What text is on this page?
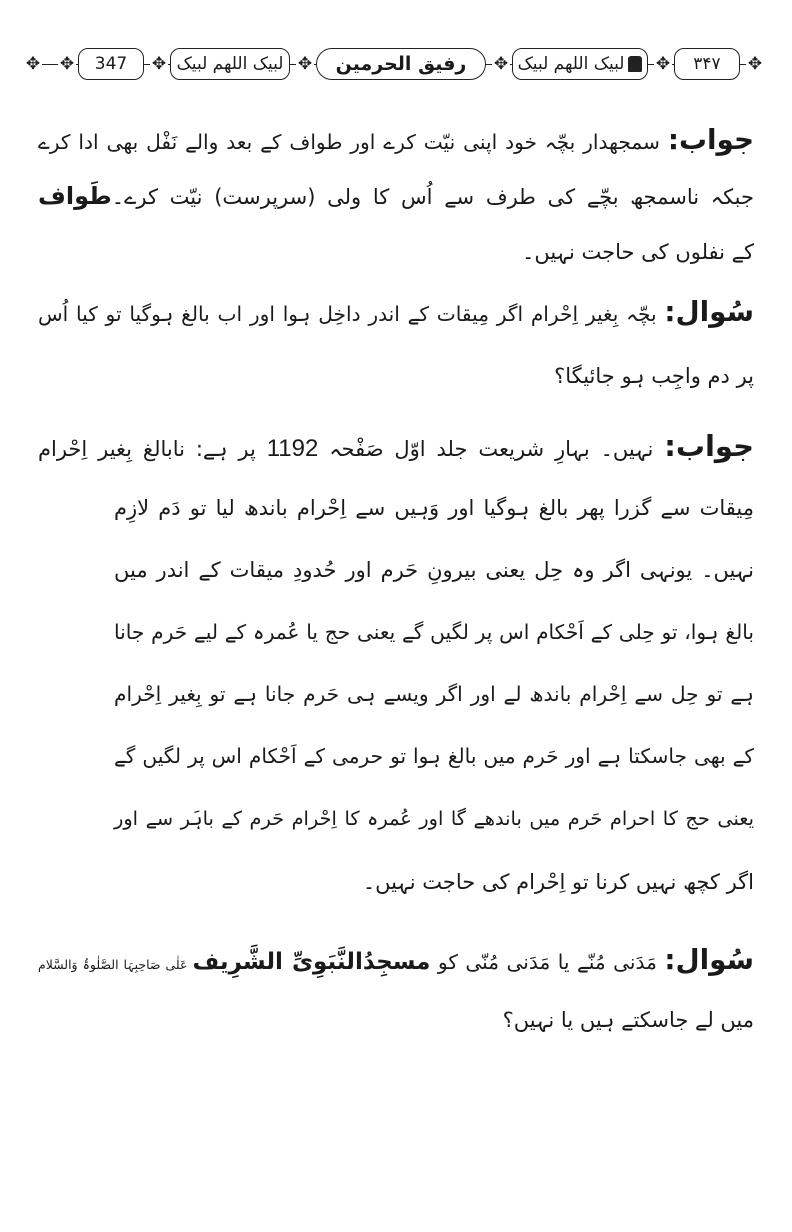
✥ ✥ 347 ✥ لبیک اللھم لبیک ✥ رفیق الحرمین ✥ لبیک اللھم لبیک ✥ ۳۴۷ ✥
جواب: سمجھدار بچّہ خود اپنی نیّت کرے اور طواف کے بعد والے نَفْل بھی ادا کرے
جبکہ ناسمجھ بچّے کی طرف سے اُس کا ولی (سرپرست) نیّت کرے۔طَواف
کے نفلوں کی حاجت نہیں۔
سُوال: بچّہ بِغیر اِحْرام اگر مِیقات کے اندر داخِل ہوا اور اب بالغ ہوگیا تو کیا اُس
پر دم واجِب ہو جائیگا؟
جواب: نہیں۔ بہارِ شریعت جلد اوّل صَفْحہ 1192 پر ہے: نابالغ بِغیر اِحْرام
مِیقات سے گزرا پھر بالغ ہوگیا اور وَہیں سے اِحْرام باندھ لیا تو دَم لازِم
نہیں۔ یونہی اگر وہ حِل یعنی بیرونِ حَرم اور حُدودِ میقات کے اندر میں
بالغ ہوا، تو حِلی کے اَحْکام اس پر لگیں گے یعنی حج یا عُمرہ کے لیے حَرم جانا
ہے تو حِل سے اِحْرام باندھ لے اور اگر ویسے ہی حَرم جانا ہے تو بِغیر اِحْرام
کے بھی جاسکتا ہے اور حَرم میں بالغ ہوا تو حرمی کے اَحْکام اس پر لگیں گے
یعنی حج کا احرام حَرم میں باندھے گا اور عُمرہ کا اِحْرام حَرم کے باہَر سے اور
اگر کچھ نہیں کرنا تو اِحْرام کی حاجت نہیں۔
سُوال: مَدَنی مُنّے یا مَدَنی مُنّی کو مسجِدُالنَّبَوِیِّ الشَّرِیف عَلٰی صَاحِبِہَا الصَّلٰوۃُ وَالسَّلام
میں لے جاسکتے ہیں یا نہیں؟
